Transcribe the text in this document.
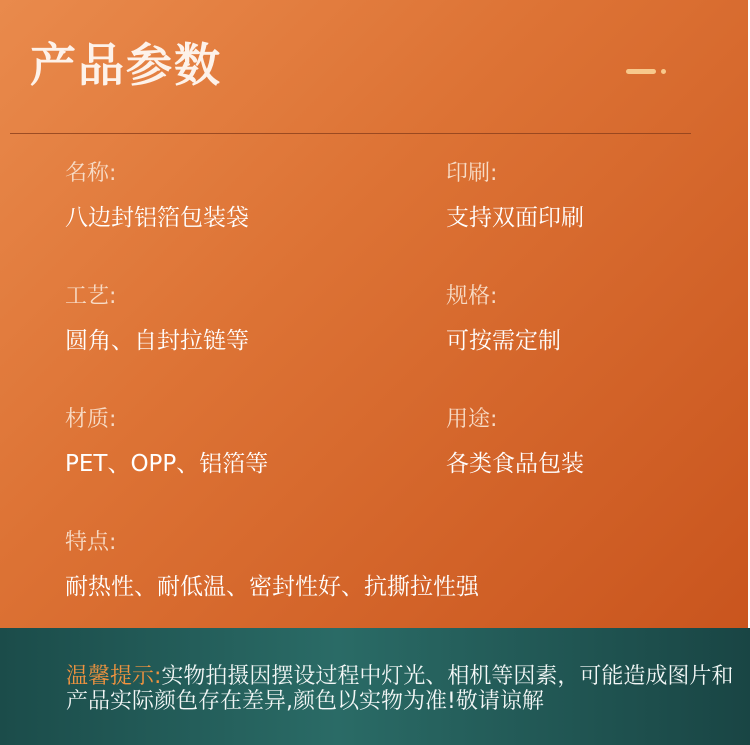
产品参数
名称:
八边封铝箔包装袋
印刷:
支持双面印刷
工艺:
圆角、自封拉链等
规格:
可按需定制
材质:
PET、OPP、铝箔等
用途:
各类食品包装
特点:
耐热性、耐低温、密封性好、抗撕拉性强
温馨提示:实物拍摄因摆设过程中灯光、相机等因素，可能造成图片和产品实际颜色存在差异,颜色以实物为准!敬请谅解
